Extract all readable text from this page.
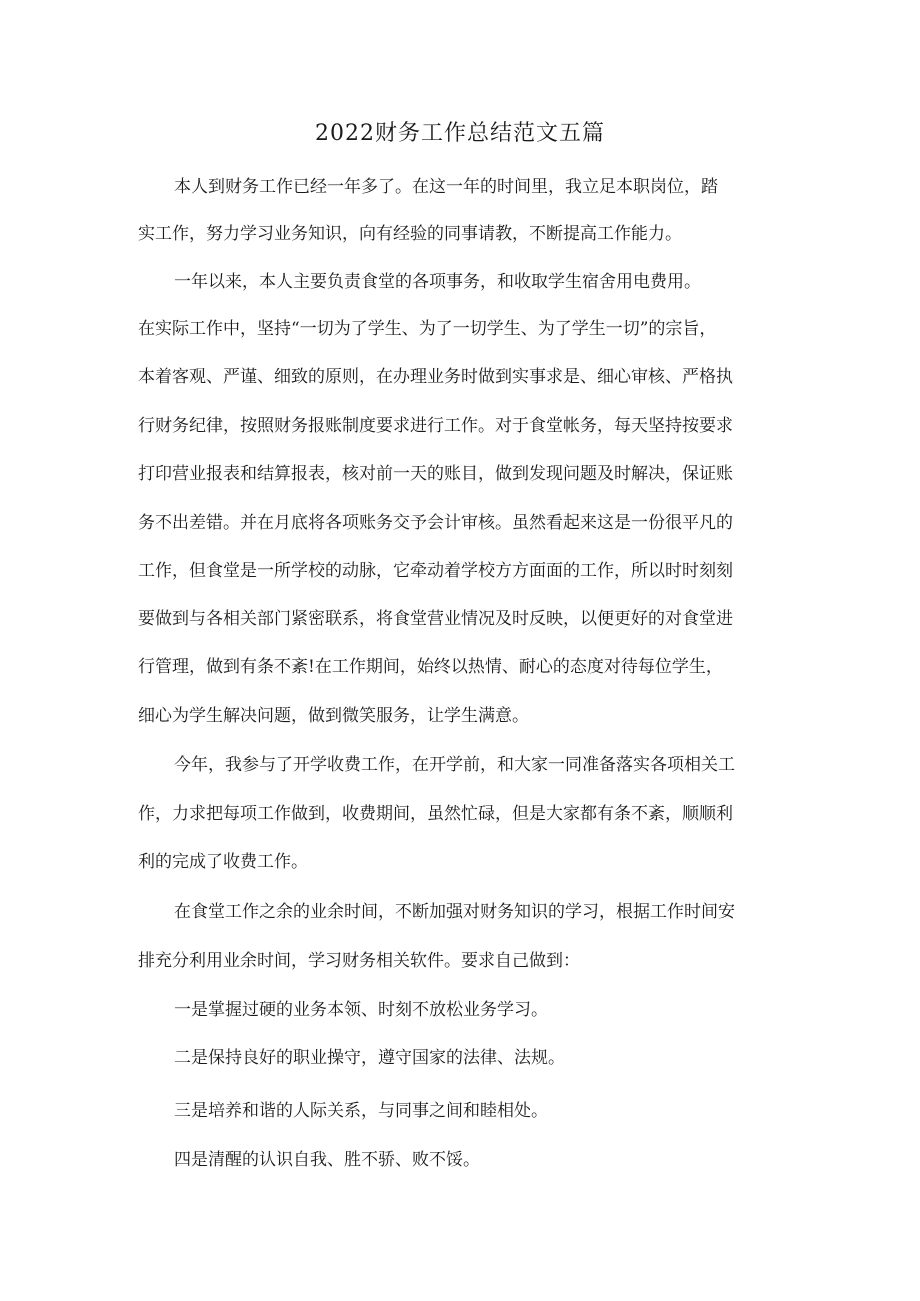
2022财务工作总结范文五篇
本人到财务工作已经一年多了。在这一年的时间里，我立足本职岗位，踏
实工作，努力学习业务知识，向有经验的同事请教，不断提高工作能力。
一年以来，本人主要负责食堂的各项事务，和收取学生宿舍用电费用。
在实际工作中，坚持“一切为了学生、为了一切学生、为了学生一切”的宗旨，
本着客观、严谨、细致的原则，在办理业务时做到实事求是、细心审核、严格执
行财务纪律，按照财务报账制度要求进行工作。对于食堂帐务，每天坚持按要求
打印营业报表和结算报表，核对前一天的账目，做到发现问题及时解决，保证账
务不出差错。并在月底将各项账务交予会计审核。虽然看起来这是一份很平凡的
工作，但食堂是一所学校的动脉，它牵动着学校方方面面的工作，所以时时刻刻
要做到与各相关部门紧密联系，将食堂营业情况及时反映，以便更好的对食堂进
行管理，做到有条不紊!在工作期间，始终以热情、耐心的态度对待每位学生，
细心为学生解决问题，做到微笑服务，让学生满意。
今年，我参与了开学收费工作，在开学前，和大家一同准备落实各项相关工
作，力求把每项工作做到，收费期间，虽然忙碌，但是大家都有条不紊，顺顺利
利的完成了收费工作。
在食堂工作之余的业余时间，不断加强对财务知识的学习，根据工作时间安
排充分利用业余时间，学习财务相关软件。要求自己做到：
一是掌握过硬的业务本领、时刻不放松业务学习。
二是保持良好的职业操守，遵守国家的法律、法规。
三是培养和谐的人际关系，与同事之间和睦相处。
四是清醒的认识自我、胜不骄、败不馁。
